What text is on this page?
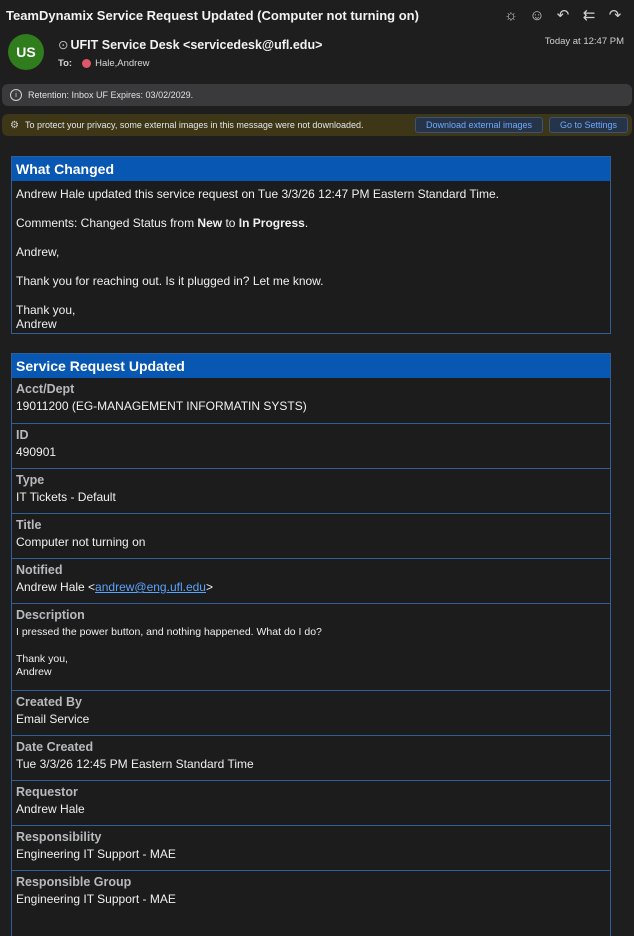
TeamDynamix Service Request Updated (Computer not turning on)	☼ ☺ ↶ ⇇ ↷
US	⊙ UFIT Service Desk <servicedesk@ufl.edu>
To: Hale,Andrew
Today at 12:47 PM
i	Retention: Inbox UF Expires: 03/02/2029.
⚙ To protect your privacy, some external images in this message were not downloaded.	Download external images	Go to Settings
What Changed

Andrew Hale updated this service request on Tue 3/3/26 12:47 PM Eastern Standard Time.

Comments: Changed Status from New to In Progress.

Andrew,

Thank you for reaching out. Is it plugged in? Let me know.

Thank you,
Andrew

Service Request Updated
Acct/Dept
19011200 (EG-MANAGEMENT INFORMATIN SYSTS)
ID
490901
Type
IT Tickets - Default
Title
Computer not turning on
Notified
Andrew Hale <andrew@eng.ufl.edu>
Description
I pressed the power button, and nothing happened. What do I do?
Thank you,
Andrew
Created By
Email Service
Date Created
Tue 3/3/26 12:45 PM Eastern Standard Time
Requestor
Andrew Hale
Responsibility
Engineering IT Support - MAE
Responsible Group
Engineering IT Support - MAE
